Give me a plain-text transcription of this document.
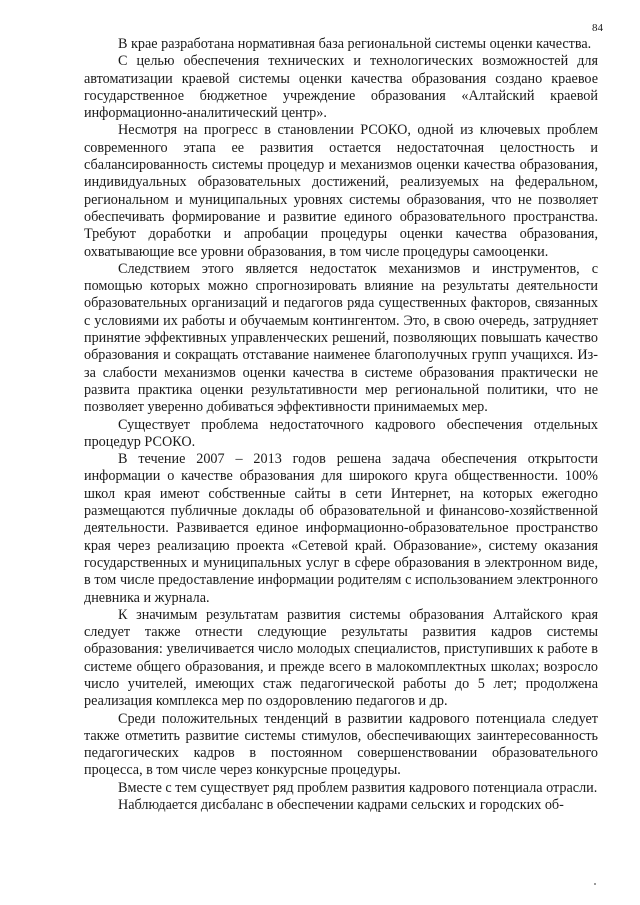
84

В крае разработана нормативная база региональной системы оценки качества.

С целью обеспечения технических и технологических возможностей для автоматизации краевой системы оценки качества образования создано краевое государственное бюджетное учреждение образования «Алтайский краевой информационно-аналитический центр».

Несмотря на прогресс в становлении РСОКО, одной из ключевых проблем современного этапа ее развития остается недостаточная целостность и сбалансированность системы процедур и механизмов оценки качества образования, индивидуальных образовательных достижений, реализуемых на федеральном, региональном и муниципальных уровнях системы образования, что не позволяет обеспечивать формирование и развитие единого образовательного пространства. Требуют доработки и апробации процедуры оценки качества образования, охватывающие все уровни образования, в том числе процедуры самооценки.

Следствием этого является недостаток механизмов и инструментов, с помощью которых можно спрогнозировать влияние на результаты деятельности образовательных организаций и педагогов ряда существенных факторов, связанных с условиями их работы и обучаемым контингентом. Это, в свою очередь, затрудняет принятие эффективных управленческих решений, позволяющих повышать качество образования и сокращать отставание наименее благополучных групп учащихся. Из-за слабости механизмов оценки качества в системе образования практически не развита практика оценки результативности мер региональной политики, что не позволяет уверенно добиваться эффективности принимаемых мер.

Существует проблема недостаточного кадрового обеспечения отдельных процедур РСОКО.

В течение 2007 – 2013 годов решена задача обеспечения открытости информации о качестве образования для широкого круга общественности. 100% школ края имеют собственные сайты в сети Интернет, на которых ежегодно размещаются публичные доклады об образовательной и финансово-хозяйственной деятельности. Развивается единое информационно-образовательное пространство края через реализацию проекта «Сетевой край. Образование», систему оказания государственных и муниципальных услуг в сфере образования в электронном виде, в том числе предоставление информации родителям с использованием электронного дневника и журнала.

К значимым результатам развития системы образования Алтайского края следует также отнести следующие результаты развития кадров системы образования: увеличивается число молодых специалистов, приступивших к работе в системе общего образования, и прежде всего в малокомплектных школах; возросло число учителей, имеющих стаж педагогической работы до 5 лет; продолжена реализация комплекса мер по оздоровлению педагогов и др.

Среди положительных тенденций в развитии кадрового потенциала следует также отметить развитие системы стимулов, обеспечивающих заинтересованность педагогических кадров в постоянном совершенствовании образовательного процесса, в том числе через конкурсные процедуры.

Вместе с тем существует ряд проблем развития кадрового потенциала отрасли.

Наблюдается дисбаланс в обеспечении кадрами сельских и городских об-
